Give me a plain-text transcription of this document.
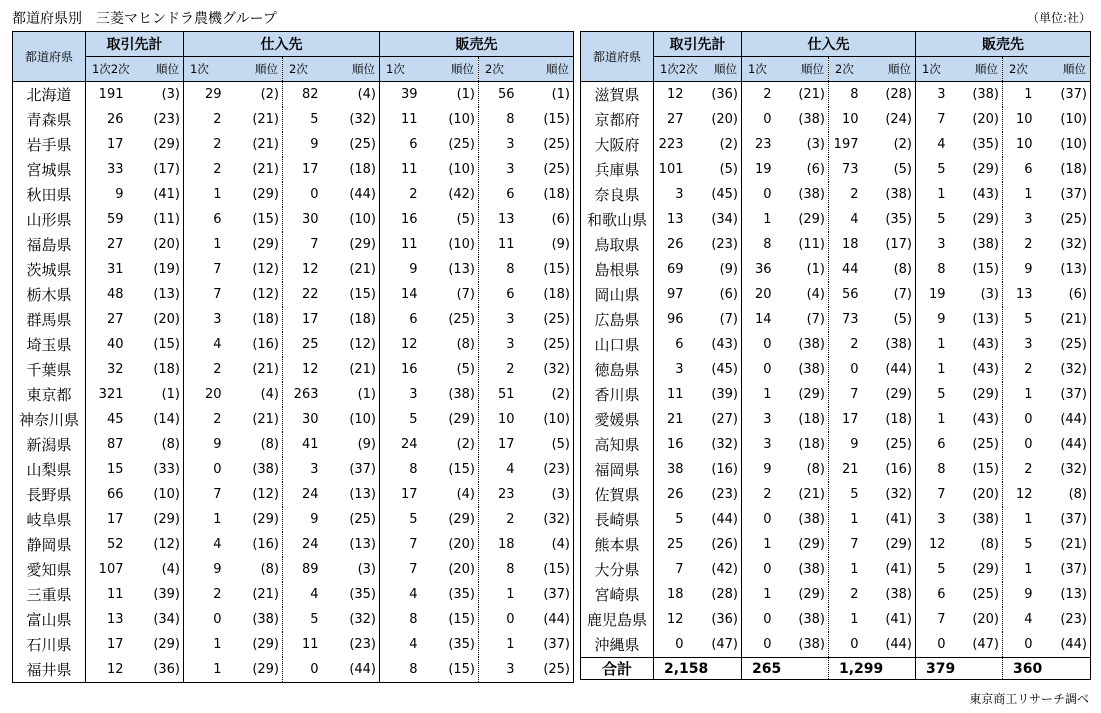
都道府県別　三菱マヒンドラ農機グループ	（単位:社）
都道府県	取引先計		仕入先				販売先			
	1次2次	順位	1次	順位	2次	順位	1次	順位	2次	順位
北海道	191	(3)	29	(2)	82	(4)	39	(1)	56	(1)
青森県	26	(23)	2	(21)	5	(32)	11	(10)	8	(15)
岩手県	17	(29)	2	(21)	9	(25)	6	(25)	3	(25)
宮城県	33	(17)	2	(21)	17	(18)	11	(10)	3	(25)
秋田県	9	(41)	1	(29)	0	(44)	2	(42)	6	(18)
山形県	59	(11)	6	(15)	30	(10)	16	(5)	13	(6)
福島県	27	(20)	1	(29)	7	(29)	11	(10)	11	(9)
茨城県	31	(19)	7	(12)	12	(21)	9	(13)	8	(15)
栃木県	48	(13)	7	(12)	22	(15)	14	(7)	6	(18)
群馬県	27	(20)	3	(18)	17	(18)	6	(25)	3	(25)
埼玉県	40	(15)	4	(16)	25	(12)	12	(8)	3	(25)
千葉県	32	(18)	2	(21)	12	(21)	16	(5)	2	(32)
東京都	321	(1)	20	(4)	263	(1)	3	(38)	51	(2)
神奈川県	45	(14)	2	(21)	30	(10)	5	(29)	10	(10)
新潟県	87	(8)	9	(8)	41	(9)	24	(2)	17	(5)
山梨県	15	(33)	0	(38)	3	(37)	8	(15)	4	(23)
長野県	66	(10)	7	(12)	24	(13)	17	(4)	23	(3)
岐阜県	17	(29)	1	(29)	9	(25)	5	(29)	2	(32)
静岡県	52	(12)	4	(16)	24	(13)	7	(20)	18	(4)
愛知県	107	(4)	9	(8)	89	(3)	7	(20)	8	(15)
三重県	11	(39)	2	(21)	4	(35)	4	(35)	1	(37)
富山県	13	(34)	0	(38)	5	(32)	8	(15)	0	(44)
石川県	17	(29)	1	(29)	11	(23)	4	(35)	1	(37)
福井県	12	(36)	1	(29)	0	(44)	8	(15)	3	(25)
都道府県	取引先計		仕入先				販売先			
	1次2次	順位	1次	順位	2次	順位	1次	順位	2次	順位
滋賀県	12	(36)	2	(21)	8	(28)	3	(38)	1	(37)
京都府	27	(20)	0	(38)	10	(24)	7	(20)	10	(10)
大阪府	223	(2)	23	(3)	197	(2)	4	(35)	10	(10)
兵庫県	101	(5)	19	(6)	73	(5)	5	(29)	6	(18)
奈良県	3	(45)	0	(38)	2	(38)	1	(43)	1	(37)
和歌山県	13	(34)	1	(29)	4	(35)	5	(29)	3	(25)
鳥取県	26	(23)	8	(11)	18	(17)	3	(38)	2	(32)
島根県	69	(9)	36	(1)	44	(8)	8	(15)	9	(13)
岡山県	97	(6)	20	(4)	56	(7)	19	(3)	13	(6)
広島県	96	(7)	14	(7)	73	(5)	9	(13)	5	(21)
山口県	6	(43)	0	(38)	2	(38)	1	(43)	3	(25)
徳島県	3	(45)	0	(38)	0	(44)	1	(43)	2	(32)
香川県	11	(39)	1	(29)	7	(29)	5	(29)	1	(37)
愛媛県	21	(27)	3	(18)	17	(18)	1	(43)	0	(44)
高知県	16	(32)	3	(18)	9	(25)	6	(25)	0	(44)
福岡県	38	(16)	9	(8)	21	(16)	8	(15)	2	(32)
佐賀県	26	(23)	2	(21)	5	(32)	7	(20)	12	(8)
長崎県	5	(44)	0	(38)	1	(41)	3	(38)	1	(37)
熊本県	25	(26)	1	(29)	7	(29)	12	(8)	5	(21)
大分県	7	(42)	0	(38)	1	(41)	5	(29)	1	(37)
宮崎県	18	(28)	1	(29)	2	(38)	6	(25)	9	(13)
鹿児島県	12	(36)	0	(38)	1	(41)	7	(20)	4	(23)
沖縄県	0	(47)	0	(38)	0	(44)	0	(47)	0	(44)
合計	2,158		265		1,299		379		360	
東京商工リサーチ調べ
